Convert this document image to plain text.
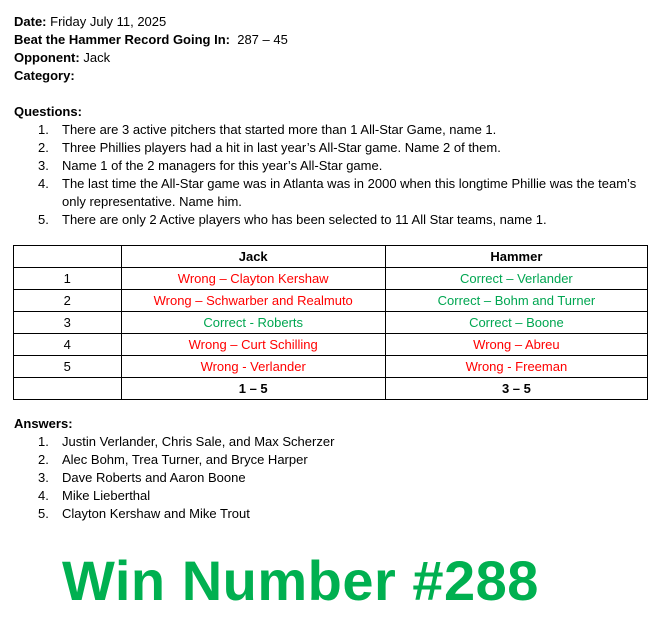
Date: Friday July 11, 2025
Beat the Hammer Record Going In: 287 – 45
Opponent: Jack
Category:
Questions:
1. There are 3 active pitchers that started more than 1 All-Star Game, name 1.
2. Three Phillies players had a hit in last year’s All-Star game. Name 2 of them.
3. Name 1 of the 2 managers for this year’s All-Star game.
4. The last time the All-Star game was in Atlanta was in 2000 when this longtime Phillie was the team’s only representative. Name him.
5. There are only 2 Active players who has been selected to 11 All Star teams, name 1.
	Jack	Hammer
1	Wrong – Clayton Kershaw	Correct – Verlander
2	Wrong – Schwarber and Realmuto	Correct – Bohm and Turner
3	Correct - Roberts	Correct – Boone
4	Wrong – Curt Schilling	Wrong – Abreu
5	Wrong - Verlander	Wrong - Freeman
	1 – 5	3 – 5
Answers:
1. Justin Verlander, Chris Sale, and Max Scherzer
2. Alec Bohm, Trea Turner, and Bryce Harper
3. Dave Roberts and Aaron Boone
4. Mike Lieberthal
5. Clayton Kershaw and Mike Trout
Win Number #288
